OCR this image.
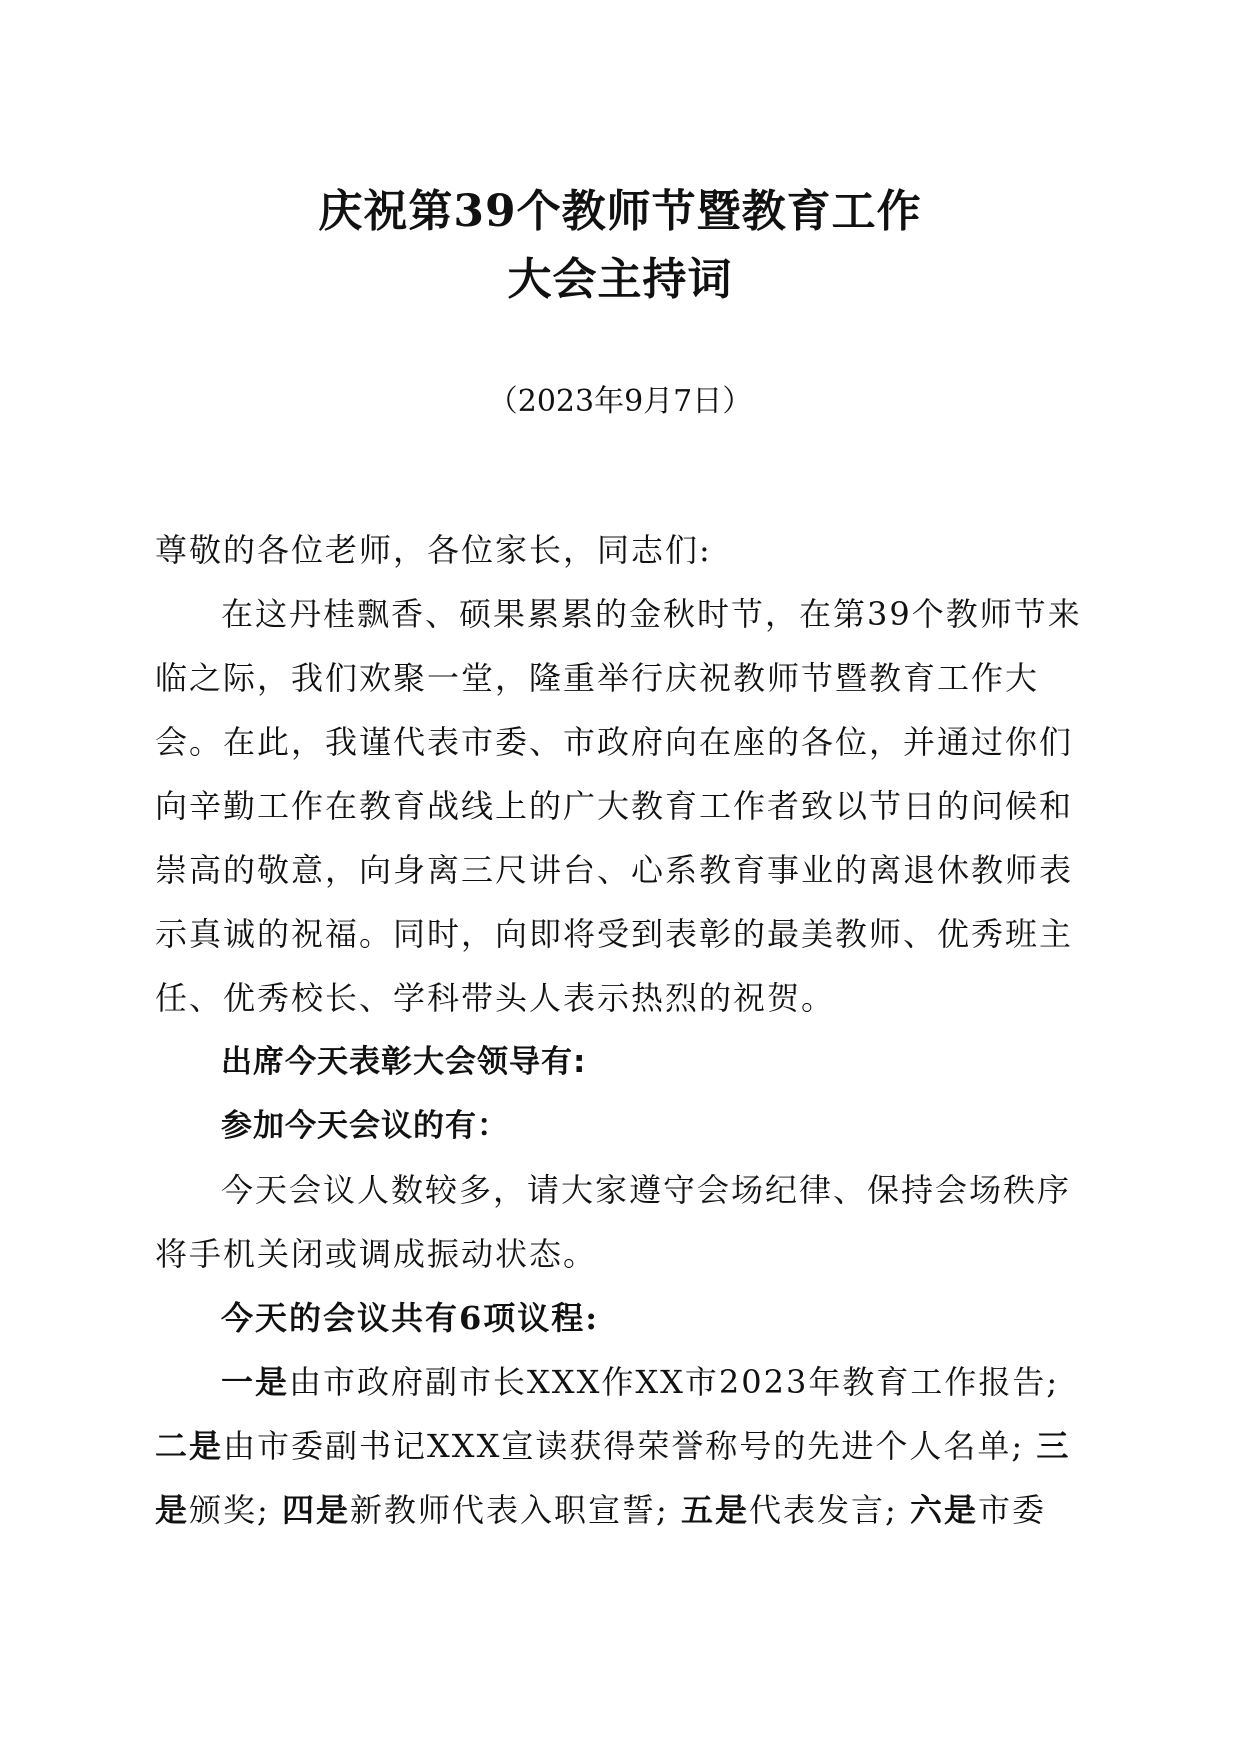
庆祝第39个教师节暨教育工作
大会主持词
（2023年9月7日）

尊敬的各位老师，各位家长，同志们:

在这丹桂飘香、硕果累累的金秋时节，在第39个教师节来临之际，我们欢聚一堂，隆重举行庆祝教师节暨教育工作大会。在此，我谨代表市委、市政府向在座的各位，并通过你们向辛勤工作在教育战线上的广大教育工作者致以节日的问候和崇高的敬意，向身离三尺讲台、心系教育事业的离退休教师表示真诚的祝福。同时，向即将受到表彰的最美教师、优秀班主任、优秀校长、学科带头人表示热烈的祝贺。

出席今天表彰大会领导有:

参加今天会议的有：

今天会议人数较多，请大家遵守会场纪律、保持会场秩序将手机关闭或调成振动状态。

今天的会议共有6项议程:

一是由市政府副市长XXX作XX市2023年教育工作报告;二是由市委副书记XXX宣读获得荣誉称号的先进个人名单; 三是颁奖; 四是新教师代表入职宣誓; 五是代表发言; 六是市委
